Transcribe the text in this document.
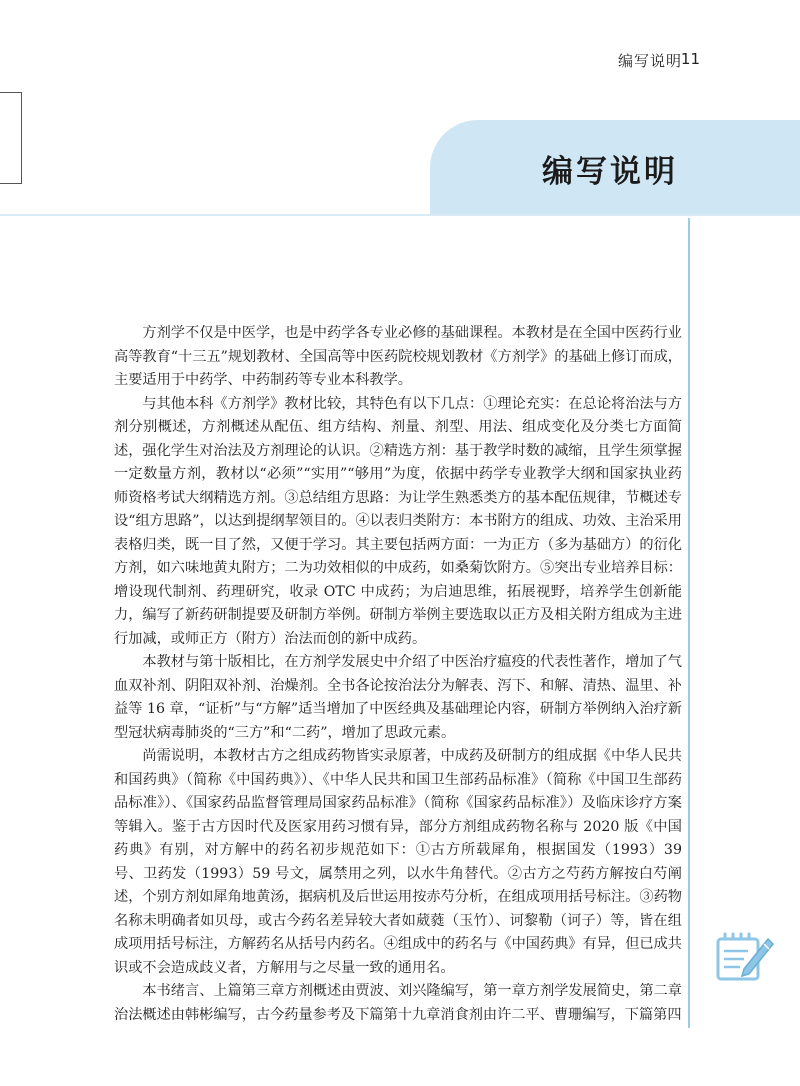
编写说明
11
编写说明

方剂学不仅是中医学，也是中药学各专业必修的基础课程。本教材是在全国中医药行业高等教育“十三五”规划教材、全国高等中医药院校规划教材《方剂学》的基础上修订而成，主要适用于中药学、中药制药等专业本科教学。

与其他本科《方剂学》教材比较，其特色有以下几点：①理论充实：在总论将治法与方剂分别概述，方剂概述从配伍、组方结构、剂量、剂型、用法、组成变化及分类七方面简述，强化学生对治法及方剂理论的认识。②精选方剂：基于教学时数的减缩，且学生须掌握一定数量方剂，教材以“必须”“实用”“够用”为度，依据中药学专业教学大纲和国家执业药师资格考试大纲精选方剂。③总结组方思路：为让学生熟悉类方的基本配伍规律，节概述专设“组方思路”，以达到提纲挈领目的。④以表归类附方：本书附方的组成、功效、主治采用表格归类，既一目了然，又便于学习。其主要包括两方面：一为正方（多为基础方）的衍化方剂，如六味地黄丸附方；二为功效相似的中成药，如桑菊饮附方。⑤突出专业培养目标：增设现代制剂、药理研究，收录 OTC 中成药；为启迪思维，拓展视野，培养学生创新能力，编写了新药研制提要及研制方举例。研制方举例主要选取以正方及相关附方组成为主进行加减，或师正方（附方）治法而创的新中成药。

本教材与第十版相比，在方剂学发展史中介绍了中医治疗瘟疫的代表性著作，增加了气血双补剂、阴阳双补剂、治燥剂。全书各论按治法分为解表、泻下、和解、清热、温里、补益等 16 章，“证析”与“方解”适当增加了中医经典及基础理论内容，研制方举例纳入治疗新型冠状病毒肺炎的“三方”和“二药”，增加了思政元素。

尚需说明，本教材古方之组成药物皆实录原著，中成药及研制方的组成据《中华人民共和国药典》（简称《中国药典》）、《中华人民共和国卫生部药品标准》（简称《中国卫生部药品标准》）、《国家药品监督管理局国家药品标准》（简称《国家药品标准》）及临床诊疗方案等辑入。鉴于古方因时代及医家用药习惯有异，部分方剂组成药物名称与 2020 版《中国药典》有别，对方解中的药名初步规范如下：①古方所载犀角，根据国发（1993）39 号、卫药发（1993）59 号文，属禁用之列，以水牛角替代。②古方之芍药方解按白芍阐述，个别方剂如犀角地黄汤，据病机及后世运用按赤芍分析，在组成项用括号标注。③药物名称未明确者如贝母，或古今药名差异较大者如葳蕤（玉竹）、诃黎勒（诃子）等，皆在组成项用括号标注，方解药名从括号内药名。④组成中的药名与《中国药典》有异，但已成共识或不会造成歧义者，方解用与之尽量一致的通用名。

本书绪言、上篇第三章方剂概述由贾波、刘兴隆编写，第一章方剂学发展简史，第二章治法概述由韩彬编写，古今药量参考及下篇第十九章消食剂由许二平、曹珊编写，下篇第四
